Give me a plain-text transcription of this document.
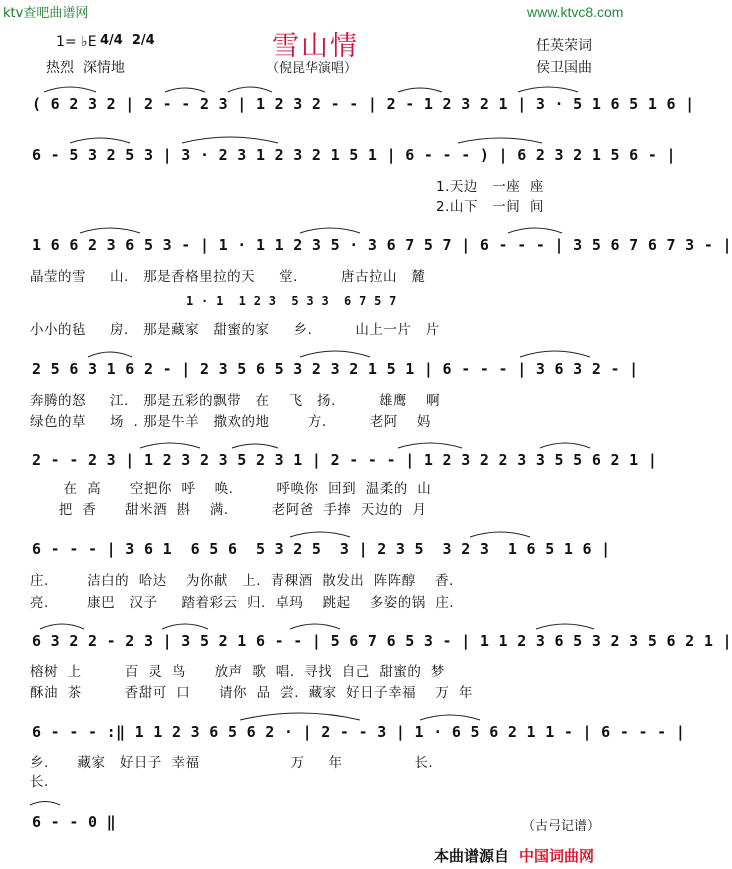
ktv查吧曲谱网	www.ktvc8.com
雪山情
1= ♭E 4/4  2/4
热烈  深情地	（倪昆华演唱）
任英荣词
侯卫国曲
( 6 2 3 2 | 2 - - 2 3 | 1 2 3 2 - - | 2 - 1 2 3 2 1 | 3 · 5 1 6 5 1 6 |
6 - 5 3 2 5 3 | 3 · 2 3 1 2 3 2 1 5 1 | 6 - - - ) | 6 2 3 2 1 5 6 - |
1.天边   一座  座
2.山下   一间  间
1 6 6 2 3 6 5 3 - | 1 · 1 1 2 3 5 · 3 6 7 5 7 | 6 - - - | 3 5 6 7 6 7 3 - |
晶莹的雪     山.   那是香格里拉的天     堂.         唐古拉山   麓
1 · 1  1 2 3  5 3 3  6 7 5 7
小小的毡     房.   那是藏家   甜蜜的家     乡.         山上一片   片
2 5 6 3 1 6 2 - | 2 3 5 6 5 3 2 3 2 1 5 1 | 6 - - - | 3 6 3 2 - |
奔腾的怒     江.   那是五彩的飘带   在    飞   扬.         雄鹰    啊
绿色的草     场  . 那是牛羊   撒欢的地        方.         老阿    妈
2 - - 2 3 | 1 2 3 2 3 5 2 3 1 | 2 - - - | 1 2 3 2 2 3 3 5 5 6 2 1 |
在  高      空把你  呼    唤.         呼唤你  回到  温柔的  山
把  香      甜米酒  斟    满.         老阿爸  手捧  天边的  月
6 - - - | 3 6 1  6 5 6  5 3 2 5  3 | 2 3 5  3 2 3  1 6 5 1 6 |
庄.        洁白的  哈达    为你献   上.  青稞酒  散发出  阵阵醇    香.
亮.        康巴   汉子     踏着彩云  归.  卓玛    跳起    多姿的锅  庄.
6 3 2 2 - 2 3 | 3 5 2 1 6 - - | 5 6 7 6 5 3 - | 1 1 2 3 6 5 3 2 3 5 6 2 1 |
榕树  上         百  灵  鸟      放声  歌  唱.  寻找  自己  甜蜜的  梦
酥油  茶         香甜可  口      请你  品  尝.  藏家  好日子幸福    万  年
6 - - - :‖ 1 1 2 3 6 5 6 2 · | 2 - - 3 | 1 · 6 5 6 2 1 1 - | 6 - - - |
乡.      藏家   好日子  幸福                   万     年               长.
长.
6 - - 0 ‖	（古弓记谱）
本曲谱源自 中国词曲网
